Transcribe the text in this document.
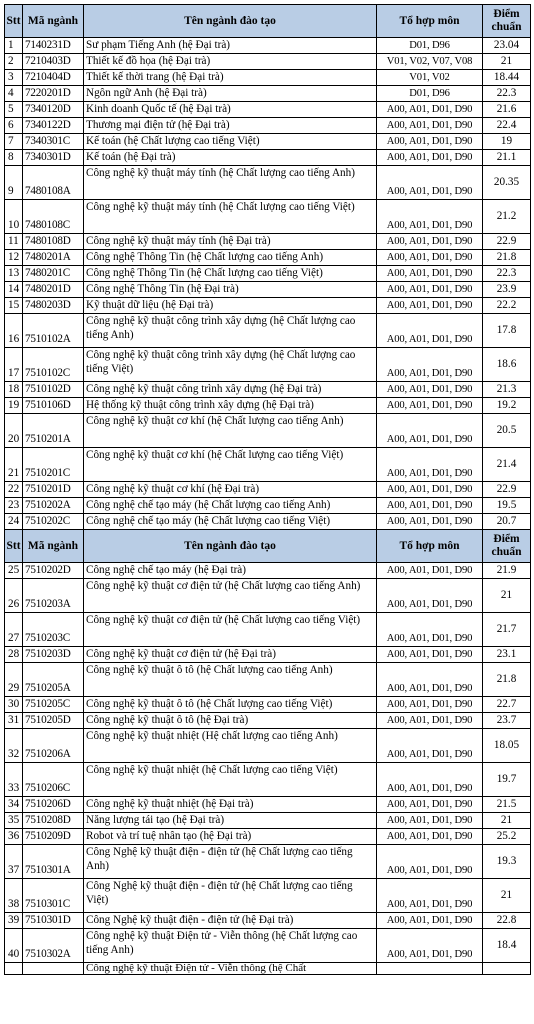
Stt	Mã ngành	Tên ngành đào tạo	Tổ hợp môn	Điểm chuẩn
1	7140231D	Sư phạm Tiếng Anh (hệ Đại trà)	D01, D96	23.04
2	7210403D	Thiết kế đồ họa (hệ Đại trà)	V01, V02, V07, V08	21
3	7210404D	Thiết kế thời trang (hệ Đại trà)	V01, V02	18.44
4	7220201D	Ngôn ngữ Anh (hệ Đại trà)	D01, D96	22.3
5	7340120D	Kinh doanh Quốc tế (hệ Đại trà)	A00, A01, D01, D90	21.6
6	7340122D	Thương mại điện tử (hệ Đại trà)	A00, A01, D01, D90	22.4
7	7340301C	Kế toán (hệ Chất lượng cao tiếng Việt)	A00, A01, D01, D90	19
8	7340301D	Kế toán (hệ Đại trà)	A00, A01, D01, D90	21.1
9	7480108A	Công nghệ kỹ thuật máy tính (hệ Chất lượng cao tiếng Anh)	A00, A01, D01, D90	20.35
10	7480108C	Công nghệ kỹ thuật máy tính (hệ Chất lượng cao tiếng Việt)	A00, A01, D01, D90	21.2
11	7480108D	Công nghệ kỹ thuật máy tính (hệ Đại trà)	A00, A01, D01, D90	22.9
12	7480201A	Công nghệ Thông Tin (hệ Chất lượng cao tiếng Anh)	A00, A01, D01, D90	21.8
13	7480201C	Công nghệ Thông Tin (hệ Chất lượng cao tiếng Việt)	A00, A01, D01, D90	22.3
14	7480201D	Công nghệ Thông Tin (hệ Đại trà)	A00, A01, D01, D90	23.9
15	7480203D	Kỹ thuật dữ liệu (hệ Đại trà)	A00, A01, D01, D90	22.2
16	7510102A	Công nghệ kỹ thuật công trình xây dựng (hệ Chất lượng cao tiếng Anh)	A00, A01, D01, D90	17.8
17	7510102C	Công nghệ kỹ thuật công trình xây dựng (hệ Chất lượng cao tiếng Việt)	A00, A01, D01, D90	18.6
18	7510102D	Công nghệ kỹ thuật công trình xây dựng (hệ Đại trà)	A00, A01, D01, D90	21.3
19	7510106D	Hệ thống kỹ thuật công trình xây dựng (hệ Đại trà)	A00, A01, D01, D90	19.2
20	7510201A	Công nghệ kỹ thuật cơ khí (hệ Chất lượng cao tiếng Anh)	A00, A01, D01, D90	20.5
21	7510201C	Công nghệ kỹ thuật cơ khí (hệ Chất lượng cao tiếng Việt)	A00, A01, D01, D90	21.4
22	7510201D	Công nghệ kỹ thuật cơ khí (hệ Đại trà)	A00, A01, D01, D90	22.9
23	7510202A	Công nghệ chế tạo máy (hệ Chất lượng cao tiếng Anh)	A00, A01, D01, D90	19.5
24	7510202C	Công nghệ chế tạo máy (hệ Chất lượng cao tiếng Việt)	A00, A01, D01, D90	20.7
Stt	Mã ngành	Tên ngành đào tạo	Tổ hợp môn	Điểm chuẩn
25	7510202D	Công nghệ chế tạo máy (hệ Đại trà)	A00, A01, D01, D90	21.9
26	7510203A	Công nghệ kỹ thuật cơ điện tử (hệ Chất lượng cao tiếng Anh)	A00, A01, D01, D90	21
27	7510203C	Công nghệ kỹ thuật cơ điện tử (hệ Chất lượng cao tiếng Việt)	A00, A01, D01, D90	21.7
28	7510203D	Công nghệ kỹ thuật cơ điện tử (hệ Đại trà)	A00, A01, D01, D90	23.1
29	7510205A	Công nghệ kỹ thuật ô tô (hệ Chất lượng cao tiếng Anh)	A00, A01, D01, D90	21.8
30	7510205C	Công nghệ kỹ thuật ô tô (hệ Chất lượng cao tiếng Việt)	A00, A01, D01, D90	22.7
31	7510205D	Công nghệ kỹ thuật ô tô (hệ Đại trà)	A00, A01, D01, D90	23.7
32	7510206A	Công nghệ kỹ thuật nhiệt (Hệ chất lượng cao tiếng Anh)	A00, A01, D01, D90	18.05
33	7510206C	Công nghệ kỹ thuật nhiệt (hệ Chất lượng cao tiếng Việt)	A00, A01, D01, D90	19.7
34	7510206D	Công nghệ kỹ thuật nhiệt (hệ Đại trà)	A00, A01, D01, D90	21.5
35	7510208D	Năng lượng tái tạo (hệ Đại trà)	A00, A01, D01, D90	21
36	7510209D	Robot và trí tuệ nhân tạo (hệ Đại trà)	A00, A01, D01, D90	25.2
37	7510301A	Công Nghệ kỹ thuật điện - điện tử (hệ Chất lượng cao tiếng Anh)	A00, A01, D01, D90	19.3
38	7510301C	Công Nghệ kỹ thuật điện - điện tử (hệ Chất lượng cao tiếng Việt)	A00, A01, D01, D90	21
39	7510301D	Công Nghệ kỹ thuật điện - điện tử (hệ Đại trà)	A00, A01, D01, D90	22.8
40	7510302A	Công nghệ kỹ thuật Điện tử - Viễn thông (hệ Chất lượng cao tiếng Anh)	A00, A01, D01, D90	18.4
		Công nghệ kỹ thuật Điện tử - Viễn thông (hệ Chất		
